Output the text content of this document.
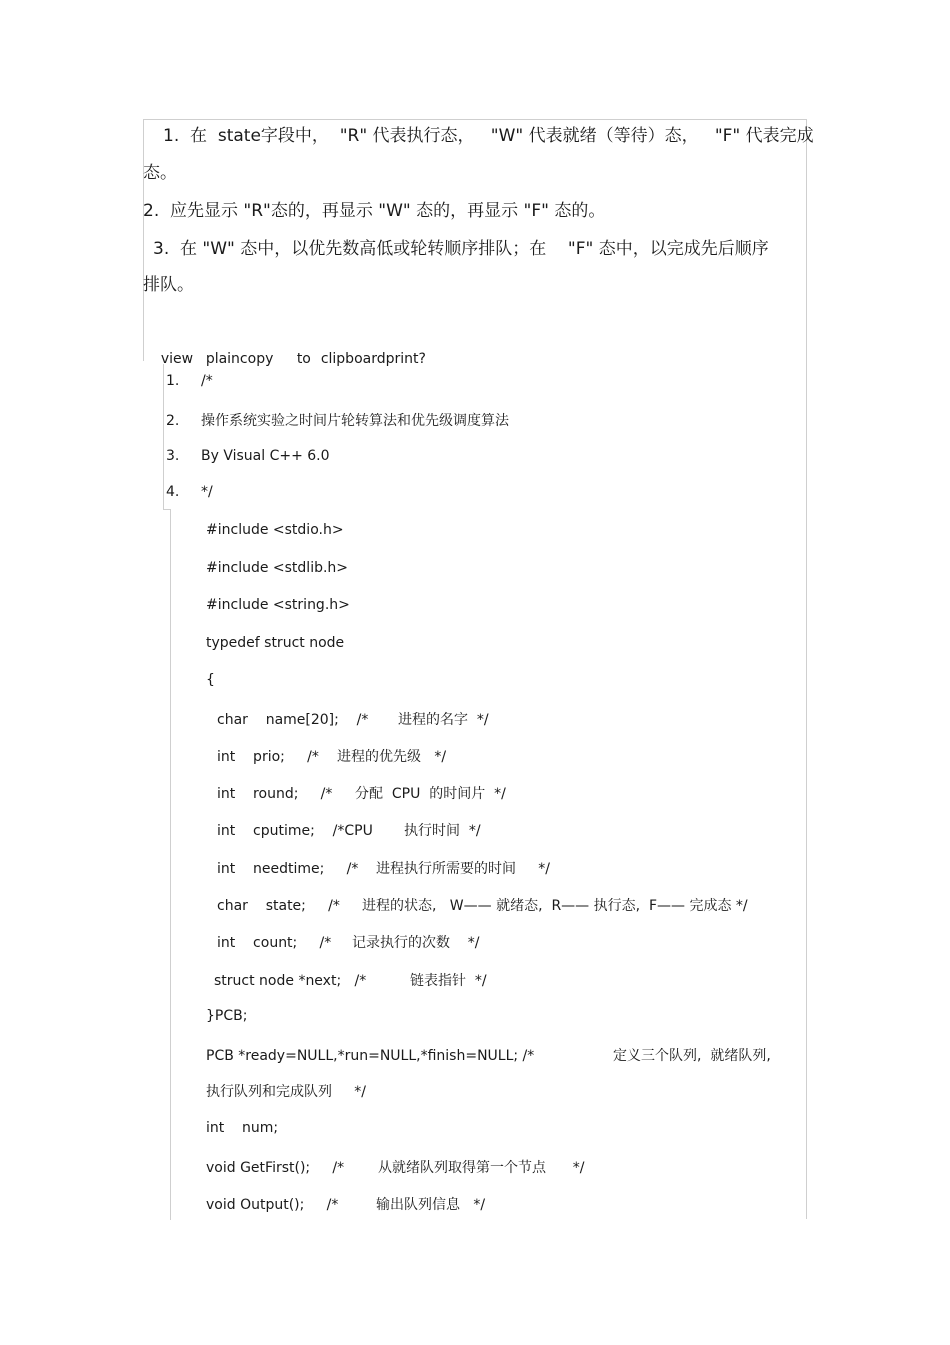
1.  在  state字段中，  "R" 代表执行态，   "W" 代表就绪（等待）态，   "F" 代表完成
态。
2.  应先显示 "R"态的，再显示 "W" 态的，再显示 "F" 态的。
3.  在 "W" 态中，以优先数高低或轮转顺序排队；在    "F" 态中，以完成先后顺序
排队。

view plaincopy to clipboardprint?

1. /*
2. 操作系统实验之时间片轮转算法和优先级调度算法
3. By Visual C++ 6.0
4. */
#include <stdio.h>
#include <stdlib.h>
#include <string.h>
typedef struct node
{
char    name[20];    /* 进程的名字  */
int    prio;     /* 进程的优先级   */
int    round;     /* 分配  CPU  的时间片  */
int    cputime;    /*CPU 执行时间  */
int    needtime;     /* 进程执行所需要的时间     */
char    state;     /* 进程的状态,   W—— 就绪态,  R—— 执行态,  F—— 完成态 */
int    count;     /* 记录执行的次数    */
struct node *next;   /*	链表指针  */
}PCB;
PCB *ready=NULL,*run=NULL,*finish=NULL; /*	定义三个队列,  就绪队列,
执行队列和完成队列     */
int    num;
void GetFirst();     /* 从就绪队列取得第一个节点      */
void Output();     /*	输出队列信息   */
